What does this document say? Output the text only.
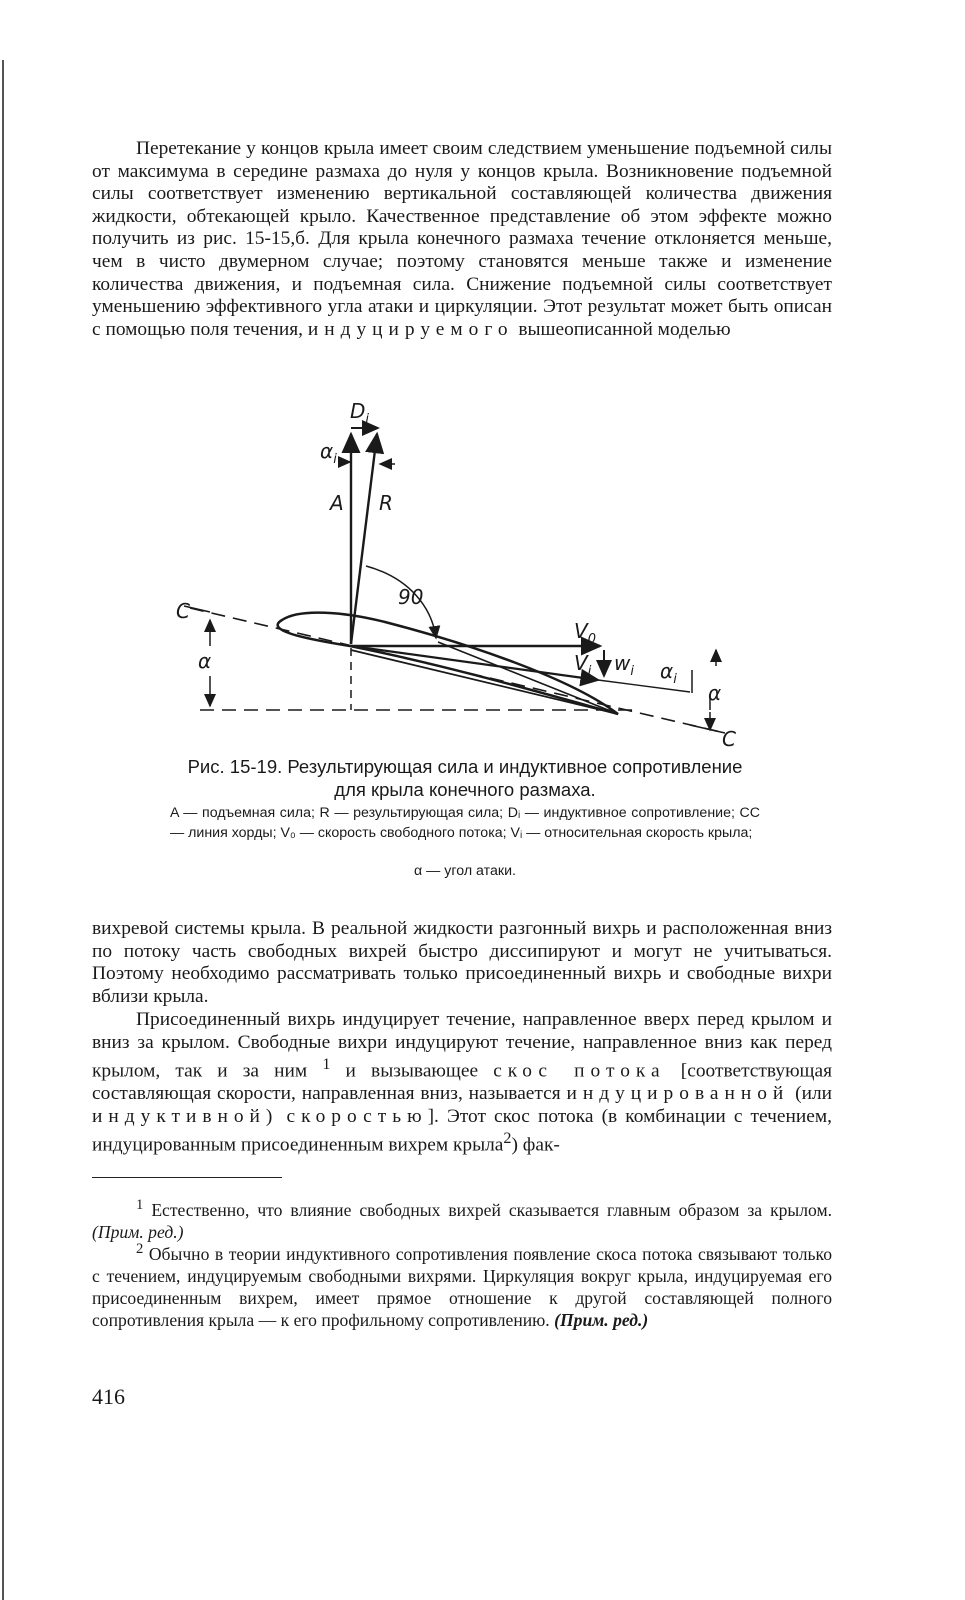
Перетекание у концов крыла имеет своим следствием уменьшение подъемной силы от максимума в середине размаха до нуля у концов крыла. Возникновение подъемной силы соответствует изменению вертикальной составляющей количества движения жидкости, обтекающей крыло. Качественное представление об этом эффекте можно получить из рис. 15-15,б. Для крыла конечного размаха течение отклоняется меньше, чем в чисто двумерном случае; поэтому становятся меньше также и изменение количества движения, и подъемная сила. Снижение подъемной силы соответствует уменьшению эффективного угла атаки и циркуляции. Этот результат может быть описан с помощью поля течения, индуцируемого вышеописанной моделью

$D_i$
$\alpha_i$
A R
90
C
α
$V_0$
$V_i$ $w_i$ $\alpha_i$
α
C

Рис. 15-19. Результирующая сила и индуктивное сопротивление для крыла конечного размаха.

A — подъемная сила; R — результирующая сила; Dᵢ — индуктивное сопротивление; CC — линия хорды; V₀ — скорость свободного потока; Vᵢ — относительная скорость крыла;

α — угол атаки.

вихревой системы крыла. В реальной жидкости разгонный вихрь и расположенная вниз по потоку часть свободных вихрей быстро диссипируют и могут не учитываться. Поэтому необходимо рассматривать только присоединенный вихрь и свободные вихри вблизи крыла.

Присоединенный вихрь индуцирует течение, направленное вверх перед крылом и вниз за крылом. Свободные вихри индуцируют течение, направленное вниз как перед крылом, так и за ним $^1$ и вызывающее скос потока [соответствующая составляющая скорости, направленная вниз, называется индуцированной (или индуктивной) скоростью]. Этот скос потока (в комбинации с течением, индуцированным присоединенным вихрем крыла$^2$) фак-

$^1$ Естественно, что влияние свободных вихрей сказывается главным образом за крылом. (Прим. ред.)

$^2$ Обычно в теории индуктивного сопротивления появление скоса потока связывают только с течением, индуцируемым свободными вихрями. Циркуляция вокруг крыла, индуцируемая его присоединенным вихрем, имеет прямое отношение к другой составляющей полного сопротивления крыла — к его профильному сопротивлению. (Прим. ред.)

416
